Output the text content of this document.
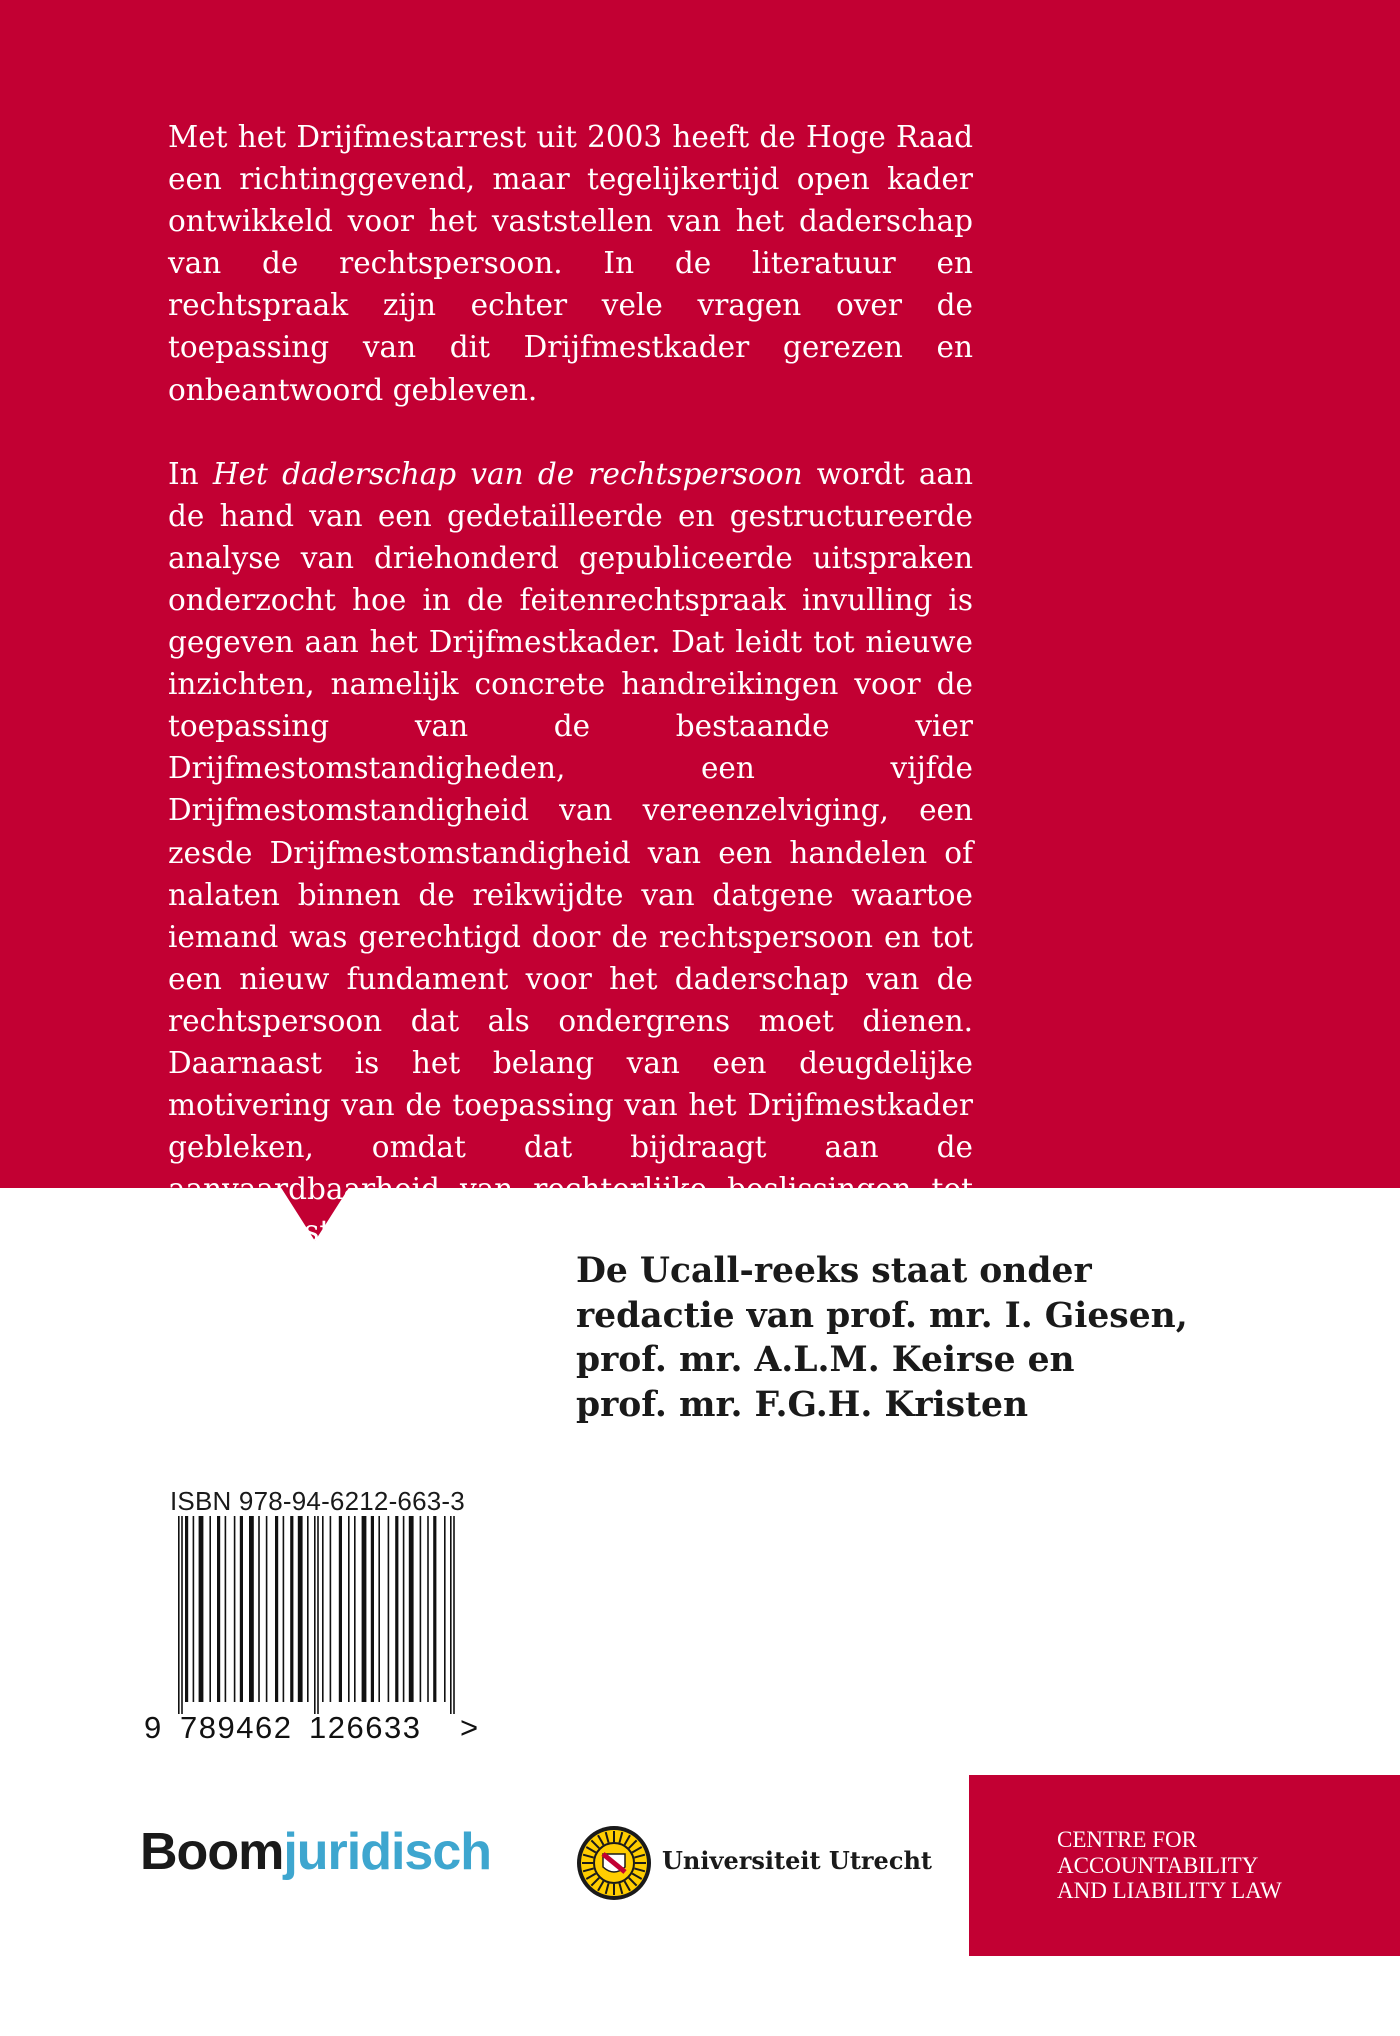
Met het Drijfmestarrest uit 2003 heeft de Hoge Raad een richtinggevend, maar tegelijkertijd open kader ontwikkeld voor het vaststellen van het daderschap van de rechtspersoon. In de literatuur en rechtspraak zijn echter vele vragen over de toepassing van dit Drijfmestkader gerezen en onbeantwoord gebleven.

In Het daderschap van de rechtspersoon wordt aan de hand van een gedetailleerde en gestructureerde analyse van driehonderd gepubliceerde uitspraken onderzocht hoe in de feitenrechtspraak invulling is gegeven aan het Drijfmestkader. Dat leidt tot nieuwe inzichten, namelijk concrete handreikingen voor de toepassing van de bestaande vier Drijfmestomstandigheden, een vijfde Drijfmestomstandigheid van vereenzelviging, een zesde Drijfmestomstandigheid van een handelen of nalaten binnen de reikwijdte van datgene waartoe iemand was gerechtigd door de rechtspersoon en tot een nieuw fundament voor het daderschap van de rechtspersoon dat als ondergrens moet dienen. Daarnaast is het belang van een deugdelijke motivering van de toepassing van het Drijfmestkader gebleken, omdat dat bijdraagt aan de aanvaardbaarheid van rechterlijke beslissingen tot de vaststelling van het daderschap van de rechtspersoon.	De Ucall-reeks staat onder
redactie van prof. mr. I. Giesen,
prof. mr. A.L.M. Keirse en
prof. mr. F.G.H. Kristen
ISBN 978-94-6212-663-3
9 789462 126633 >
Boomjuridisch	Universiteit Utrecht
CENTRE FOR
ACCOUNTABILITY
AND LIABILITY LAW
